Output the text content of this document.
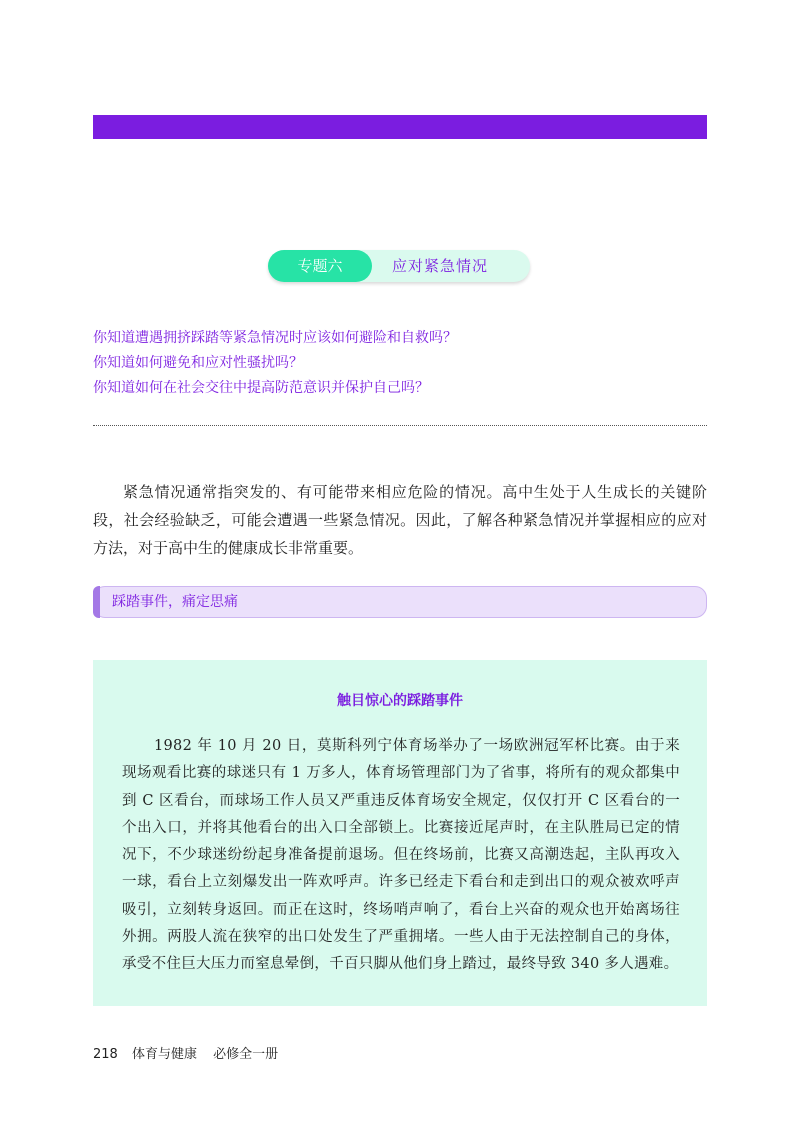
专题六	应对紧急情况
你知道遭遇拥挤踩踏等紧急情况时应该如何避险和自救吗？
你知道如何避免和应对性骚扰吗？
你知道如何在社会交往中提高防范意识并保护自己吗？
紧急情况通常指突发的、有可能带来相应危险的情况。高中生处于人生成长的关键阶段，社会经验缺乏，可能会遭遇一些紧急情况。因此，了解各种紧急情况并掌握相应的应对方法，对于高中生的健康成长非常重要。
踩踏事件，痛定思痛
触目惊心的踩踏事件
1982 年 10 月 20 日，莫斯科列宁体育场举办了一场欧洲冠军杯比赛。由于来现场观看比赛的球迷只有 1 万多人，体育场管理部门为了省事，将所有的观众都集中到 C 区看台，而球场工作人员又严重违反体育场安全规定，仅仅打开 C 区看台的一个出入口，并将其他看台的出入口全部锁上。比赛接近尾声时，在主队胜局已定的情况下，不少球迷纷纷起身准备提前退场。但在终场前，比赛又高潮迭起，主队再攻入一球，看台上立刻爆发出一阵欢呼声。许多已经走下看台和走到出口的观众被欢呼声吸引，立刻转身返回。而正在这时，终场哨声响了，看台上兴奋的观众也开始离场往外拥。两股人流在狭窄的出口处发生了严重拥堵。一些人由于无法控制自己的身体，承受不住巨大压力而窒息晕倒，千百只脚从他们身上踏过，最终导致 340 多人遇难。
218 体育与健康 必修全一册
